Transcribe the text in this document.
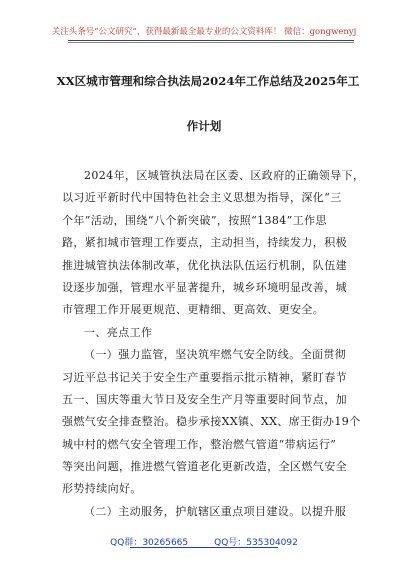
关注头条号“公文研究”，获得最新最全最专业的公文资料库！ 微信：gongwenyj
XX区城市管理和综合执法局2024年工作总结及2025年工
作计划
2024年，区城管执法局在区委、区政府的正确领导下，
以习近平新时代中国特色社会主义思想为指导，深化“三
个年”活动，围绕“八个新突破”，按照“1384”工作思
路，紧扣城市管理工作要点，主动担当，持续发力，积极
推进城管执法体制改革，优化执法队伍运行机制，队伍建
设逐步加强，管理水平显著提升，城乡环境明显改善，城
市管理工作开展更规范、更精细、更高效、更安全。
一、亮点工作
（一）强力监管，坚决筑牢燃气安全防线。全面贯彻
习近平总书记关于安全生产重要指示批示精神，紧盯春节
五一、国庆等重大节日及安全生产月等重要时间节点，加
强燃气安全排查整治。稳步承接XX镇、XX、席王街办19个
城中村的燃气安全管理工作，整治燃气管道“带病运行”
等突出问题，推进燃气管道老化更新改造，全区燃气安全
形势持续向好。
（二）主动服务，护航辖区重点项目建设。以提升服
QQ群：30265665	QQ号：535304092
